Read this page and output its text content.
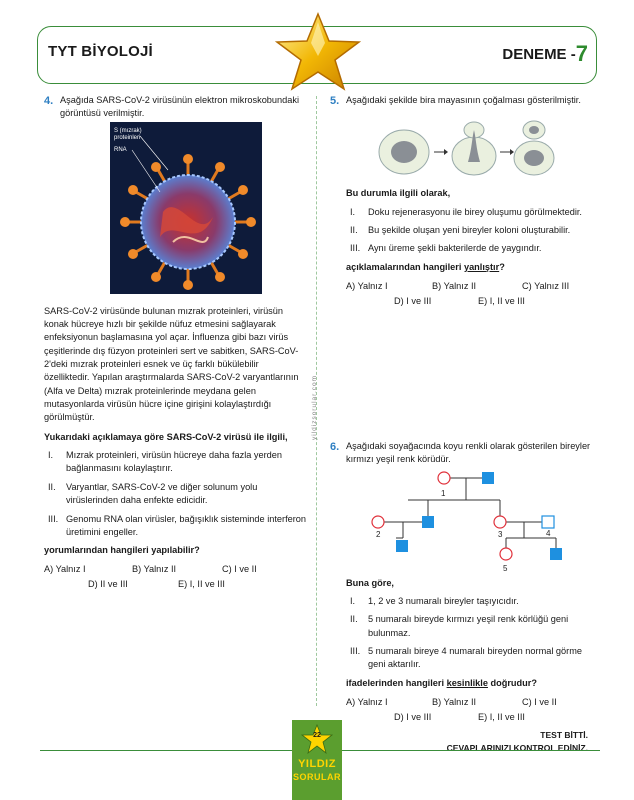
TYT BİYOLOJİ	DENEME -7
yildizsorular.com
4. Aşağıda SARS-CoV-2 virüsünün elektron mikroskobundaki görüntüsü verilmiştir.
SARS-CoV-2 virüsünde bulunan mızrak proteinleri, virüsün konak hücreye hızlı bir şekilde nüfuz etmesini sağlayarak enfeksiyonun başlamasına yol açar. İnfluenza gibi bazı virüs çeşitlerinde dış füzyon proteinleri sert ve sabitken, SARS-CoV-2'deki mızrak proteinleri esnek ve üç farklı bükülebilir özelliktedir. Yapılan araştırmalarda SARS-CoV-2 varyantlarının (Alfa ve Delta) mızrak proteinlerinde meydana gelen mutasyonlarda virüsün hücre içine girişini kolaylaştırdığı görülmüştür.
Yukarıdaki açıklamaya göre SARS-CoV-2 virüsü ile ilgili,
I. Mızrak proteinleri, virüsün hücreye daha fazla yerden bağlanmasını kolaylaştırır.
II. Varyantlar, SARS-CoV-2 ve diğer solunum yolu virüslerinden daha enfekte edicidir.
III. Genomu RNA olan virüsler, bağışıklık sisteminde interferon üretimini engeller.
yorumlarından hangileri yapılabilir?
A) Yalnız I	B) Yalnız II	C) I ve II
D) II ve III	E) I, II ve III
S (mızrak) proteinleri
RNA
5. Aşağıdaki şekilde bira mayasının çoğalması gösterilmiştir.
Bu durumla ilgili olarak,
I. Doku rejenerasyonu ile birey oluşumu görülmektedir.
II. Bu şekilde oluşan yeni bireyler koloni oluşturabilir.
III. Aynı üreme şekli bakterilerde de yaygındır.
açıklamalarından hangileri yanlıştır?
A) Yalnız I	B) Yalnız II	C) Yalnız III
D) I ve III	E) I, II ve III
6. Aşağıdaki soyağacında koyu renkli olarak gösterilen bireyler kırmızı yeşil renk körüdür.
Buna göre,
I. 1, 2 ve 3 numaralı bireyler taşıyıcıdır.
II. 5 numaralı bireyde kırmızı yeşil renk körlüğü geni bulunmaz.
III. 5 numaralı bireye 4 numaralı bireyden normal görme geni aktarılır.
ifadelerinden hangileri kesinlikle doğrudur?
A) Yalnız I	B) Yalnız II	C) I ve II
D) I ve III	E) I, II ve III
1
2	3	4
5
TEST BİTTİ.
CEVAPLARINIZI KONTROL EDİNİZ.
22
YILDIZ
SORULAR
